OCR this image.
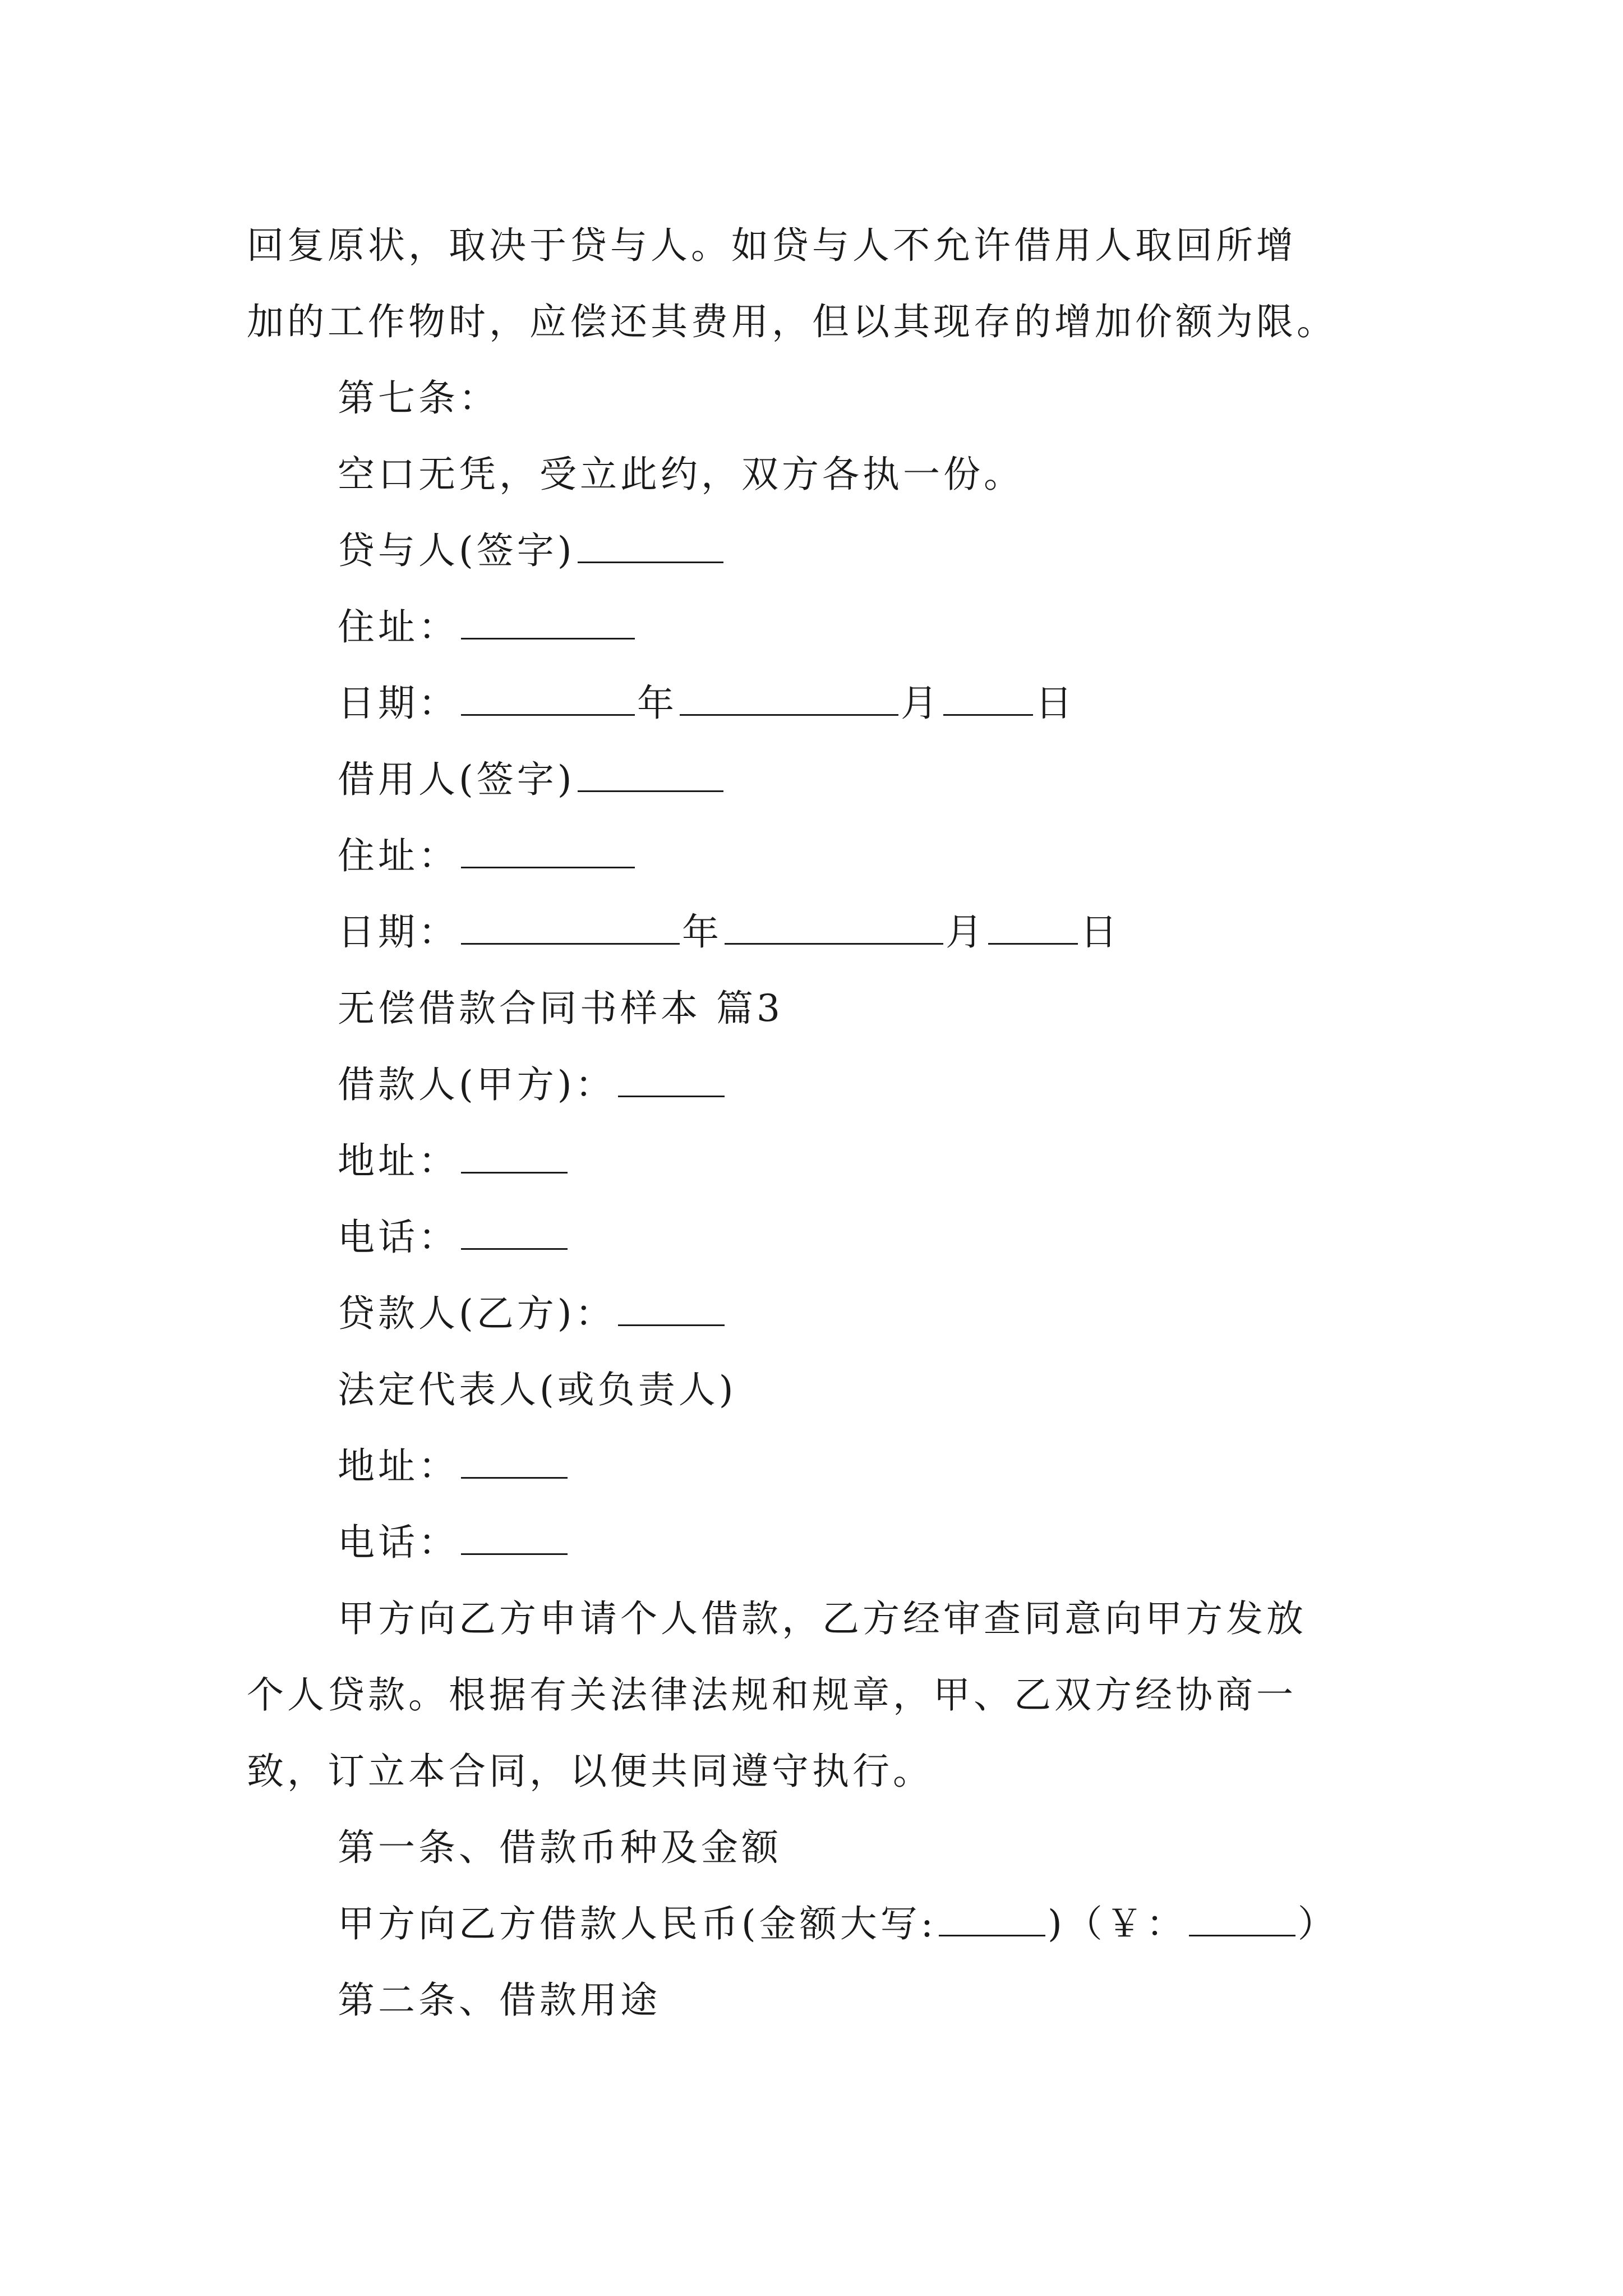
回复原状，取决于贷与人。如贷与人不允许借用人取回所增
加的工作物时，应偿还其费用，但以其现存的增加价额为限。
第七条：
空口无凭，受立此约，双方各执一份。
贷与人(签字)
住址：
日期：	年	月	日
借用人(签字)
住址：
日期：	年	月	日
无偿借款合同书样本 篇3
借款人(甲方)：
地址：
电话：
贷款人(乙方)：
法定代表人(或负责人)
地址：
电话：
甲方向乙方申请个人借款，乙方经审查同意向甲方发放
个人贷款。根据有关法律法规和规章，甲、乙双方经协商一
致，订立本合同，以便共同遵守执行。
第一条、借款币种及金额
甲方向乙方借款人民币(金额大写:	)（￥：	）
第二条、借款用途
